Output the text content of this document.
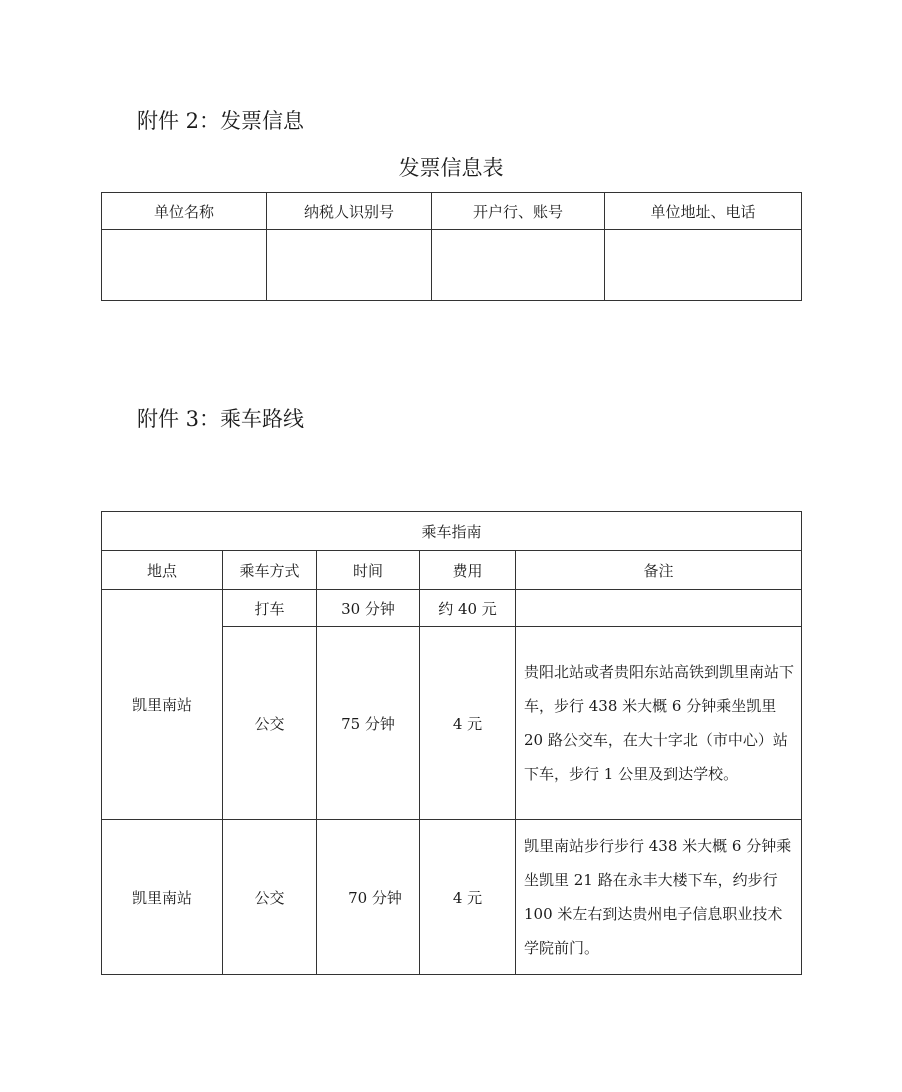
附件 2：发票信息
发票信息表
单位名称	纳税人识别号	开户行、账号	单位地址、电话

附件 3：乘车路线
乘车指南				
地点	乘车方式	时间	费用	备注
凯里南站	打车	30 分钟	约 40 元	
	公交	75 分钟	4 元	贵阳北站或者贵阳东站高铁到凯里南站下车，步行 438 米大概 6 分钟乘坐凯里 20 路公交车，在大十字北（市中心）站下车，步行 1 公里及到达学校。
凯里南站	公交	70 分钟	4 元	凯里南站步行步行 438 米大概 6 分钟乘坐凯里 21 路在永丰大楼下车，约步行 100 米左右到达贵州电子信息职业技术学院前门。
